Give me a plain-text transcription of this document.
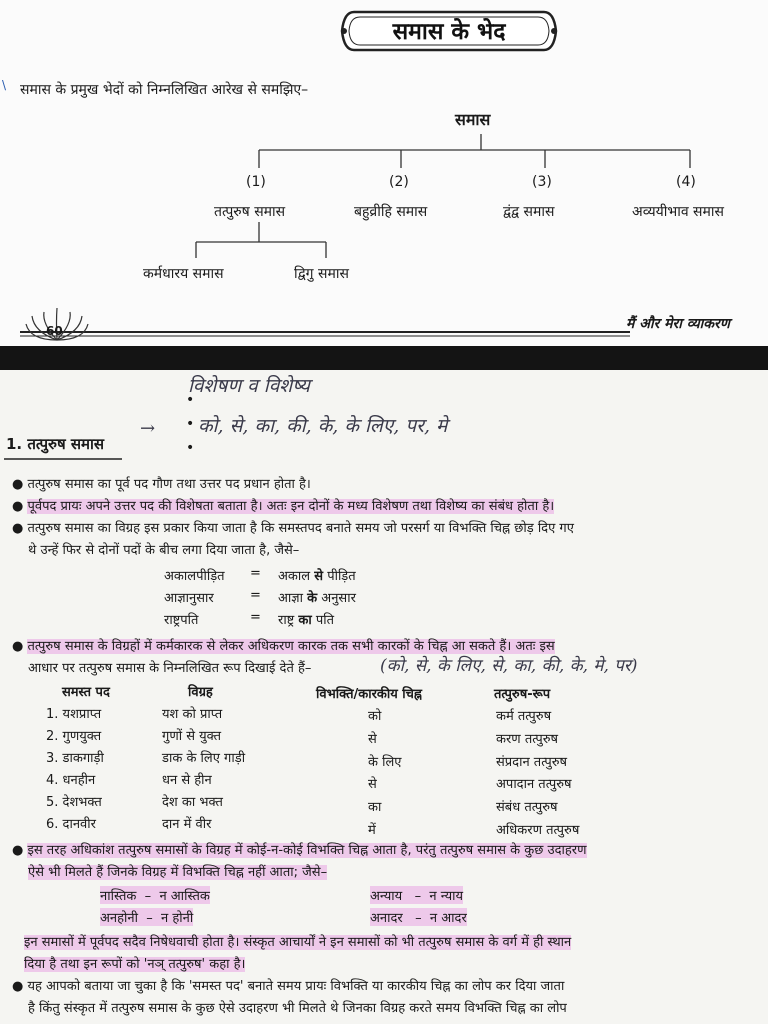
समास के भेद
समास के प्रमुख भेदों को निम्नलिखित आरेख से समझिए–
\
समास
(1)	(2)	(3)	(4)
तत्पुरुष समास	बहुव्रीहि समास	द्वंद्व समास	अव्ययीभाव समास
कर्मधारय समास	द्विगु समास
60	मैं और मेरा व्याकरण
विशेषण व विशेष्य
•
को, से, का, की, के, के लिए, पर, मे
•
•
→
1. तत्पुरुष समास
● तत्पुरुष समास का पूर्व पद गौण तथा उत्तर पद प्रधान होता है।
● पूर्वपद प्रायः अपने उत्तर पद की विशेषता बताता है। अतः इन दोनों के मध्य विशेषण तथा विशेष्य का संबंध होता है।
● तत्पुरुष समास का विग्रह इस प्रकार किया जाता है कि समस्तपद बनाते समय जो परसर्ग या विभक्ति चिह्न छोड़ दिए गए
थे उन्हें फिर से दोनों पदों के बीच लगा दिया जाता है, जैसे–
अकालपीड़ित = अकाल से पीड़ित
आज्ञानुसार	= आज्ञा के अनुसार
राष्ट्रपति	= राष्ट्र का पति
● तत्पुरुष समास के विग्रहों में कर्मकारक से लेकर अधिकरण कारक तक सभी कारकों के चिह्न आ सकते हैं। अतः इस
आधार पर तत्पुरुष समास के निम्नलिखित रूप दिखाई देते हैं–	(को, से, के लिए, से, का, की, के, मे, पर)
समस्त पद	विग्रह	विभक्ति/कारकीय चिह्न	तत्पुरुष-रूप
1. यशप्राप्त	यश को प्राप्त	को	कर्म तत्पुरुष
2. गुणयुक्त	गुणों से युक्त	से	करण तत्पुरुष
3. डाकगाड़ी	डाक के लिए गाड़ी	के लिए	संप्रदान तत्पुरुष
4. धनहीन	धन से हीन	से	अपादान तत्पुरुष
5. देशभक्त	देश का भक्त	का	संबंध तत्पुरुष
6. दानवीर	दान में वीर	में	अधिकरण तत्पुरुष
● इस तरह अधिकांश तत्पुरुष समासों के विग्रह में कोई-न-कोई विभक्ति चिह्न आता है, परंतु तत्पुरुष समास के कुछ उदाहरण
ऐसे भी मिलते हैं जिनके विग्रह में विभक्ति चिह्न नहीं आता; जैसे–
नास्तिक – न आस्तिक	अन्याय – न न्याय
अनहोनी – न होनी	अनादर – न आदर
इन समासों में पूर्वपद सदैव निषेधवाची होता है। संस्कृत आचार्यों ने इन समासों को भी तत्पुरुष समास के वर्ग में ही स्थान
दिया है तथा इन रूपों को 'नञ् तत्पुरुष' कहा है।
● यह आपको बताया जा चुका है कि 'समस्त पद' बनाते समय प्रायः विभक्ति या कारकीय चिह्न का लोप कर दिया जाता
है किंतु संस्कृत में तत्पुरुष समास के कुछ ऐसे उदाहरण भी मिलते थे जिनका विग्रह करते समय विभक्ति चिह्न का लोप
